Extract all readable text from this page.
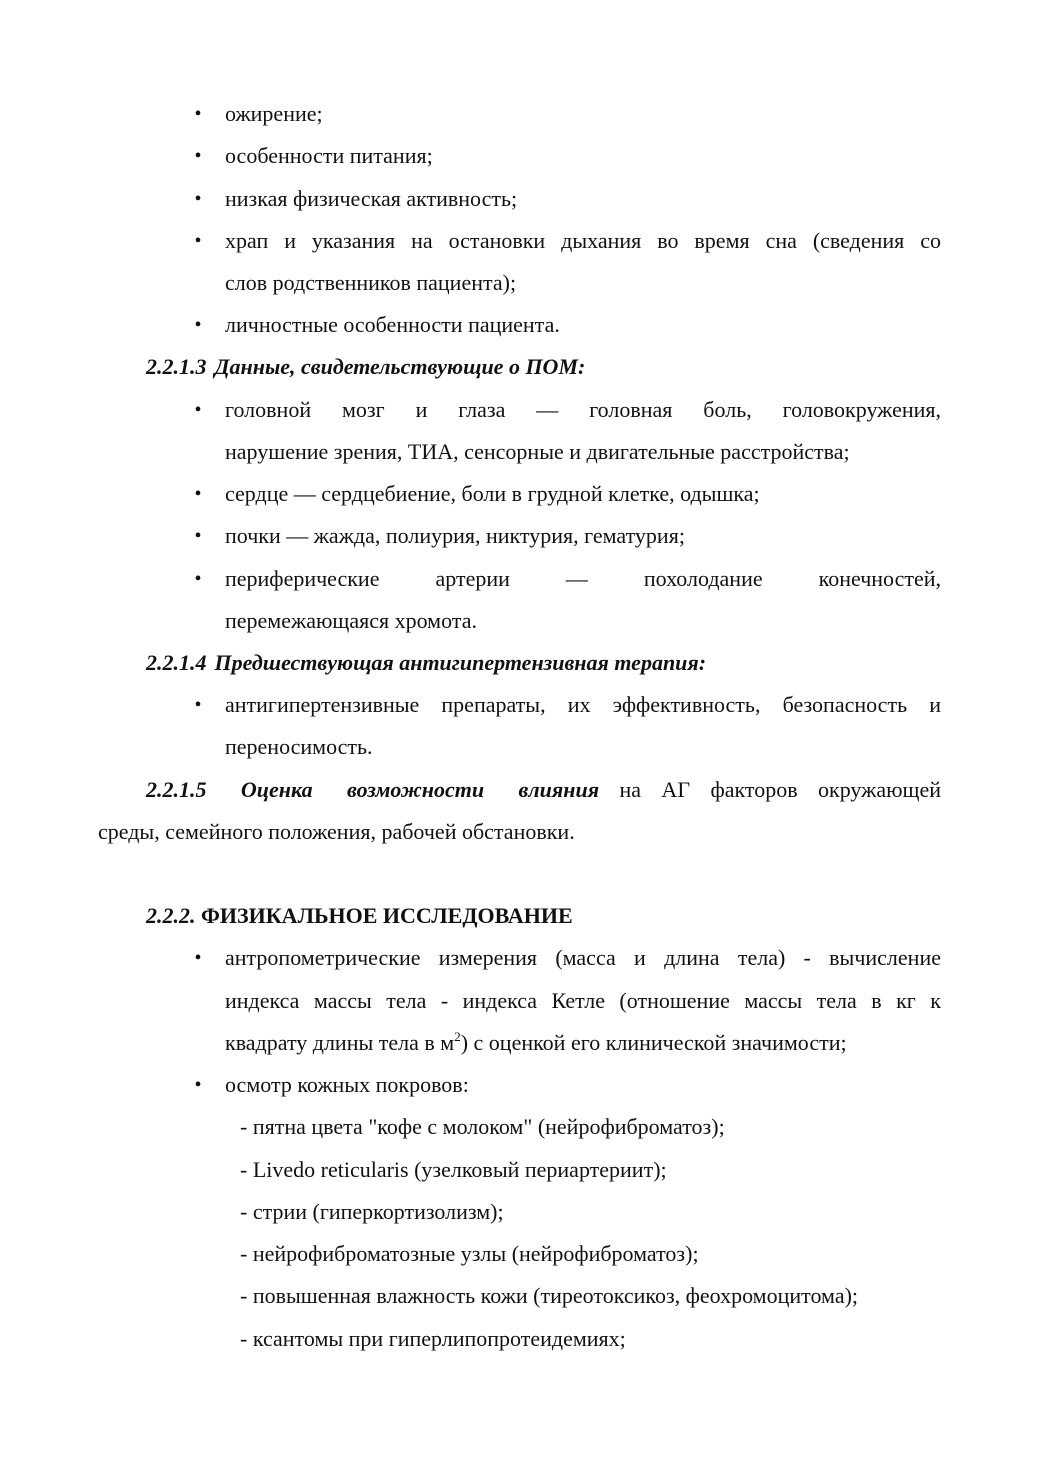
• ожирение;
• особенности питания;
• низкая физическая активность;
• храп и указания на остановки дыхания во время сна (сведения со
слов родственников пациента);
• личностные особенности пациента.
2.2.1.3 Данные, свидетельствующие о ПОМ:
• головной мозг и глаза — головная боль, головокружения,
нарушение зрения, ТИА, сенсорные и двигательные расстройства;
• сердце — сердцебиение, боли в грудной клетке, одышка;
• почки — жажда, полиурия, никтурия, гематурия;
• периферические артерии — похолодание конечностей,
перемежающаяся хромота.
2.2.1.4 Предшествующая антигипертензивная терапия:
• антигипертензивные препараты, их эффективность, безопасность и
переносимость.
2.2.1.5 Оценка возможности влияния на АГ факторов окружающей
среды, семейного положения, рабочей обстановки.
2.2.2. ФИЗИКАЛЬНОЕ ИССЛЕДОВАНИЕ
• антропометрические измерения (масса и длина тела) - вычисление
индекса массы тела - индекса Кетле (отношение массы тела в кг к
квадрату длины тела в $м^2$) с оценкой его клинической значимости;
• осмотр кожных покровов:
- пятна цвета "кофе с молоком" (нейрофиброматоз);
- Livedo reticularis (узелковый периартериит);
- стрии (гиперкортизолизм);
- нейрофиброматозные узлы (нейрофиброматоз);
- повышенная влажность кожи (тиреотоксикоз, феохромоцитома);
- ксантомы при гиперлипопротеидемиях;
